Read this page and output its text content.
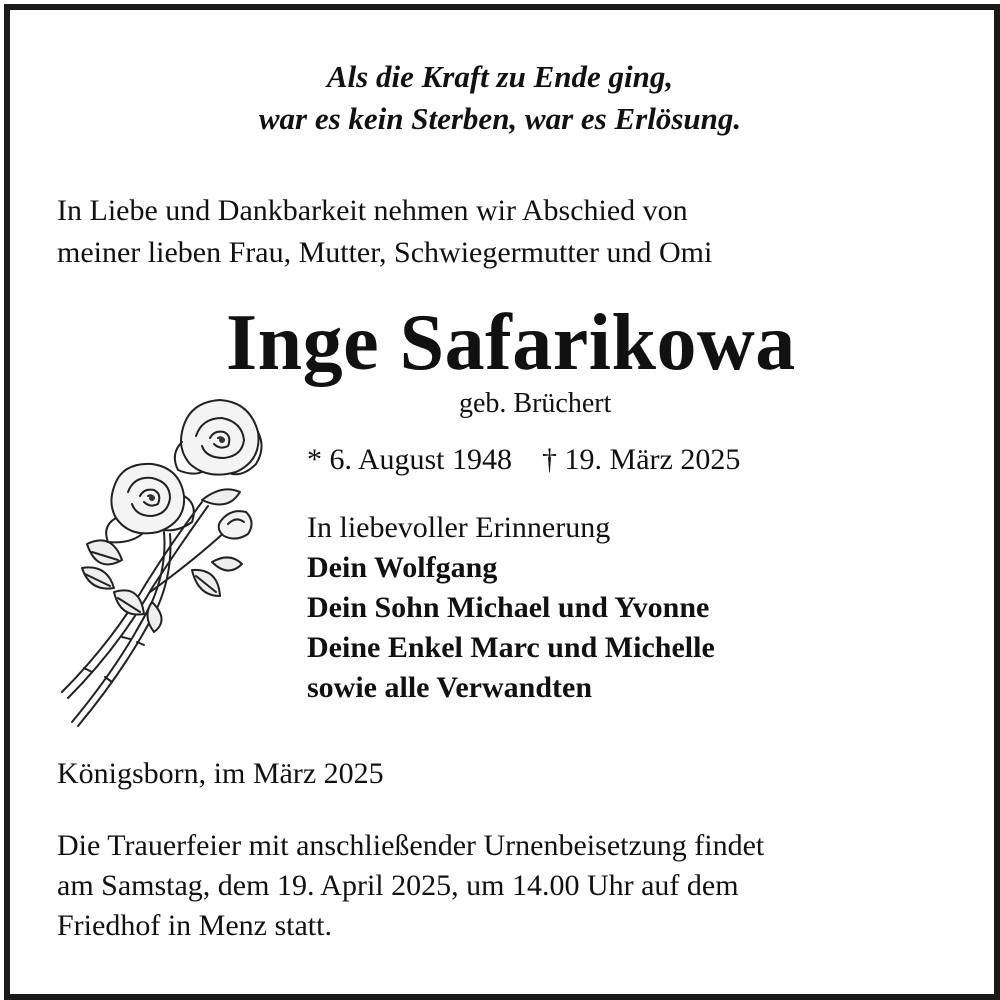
Als die Kraft zu Ende ging,
war es kein Sterben, war es Erlösung.
In Liebe und Dankbarkeit nehmen wir Abschied von
meiner lieben Frau, Mutter, Schwiegermutter und Omi
Inge Safarikowa
geb. Brüchert
* 6. August 1948 † 19. März 2025
In liebevoller Erinnerung
Dein Wolfgang
Dein Sohn Michael und Yvonne
Deine Enkel Marc und Michelle
sowie alle Verwandten
Königsborn, im März 2025
Die Trauerfeier mit anschließender Urnenbeisetzung findet
am Samstag, dem 19. April 2025, um 14.00 Uhr auf dem
Friedhof in Menz statt.
